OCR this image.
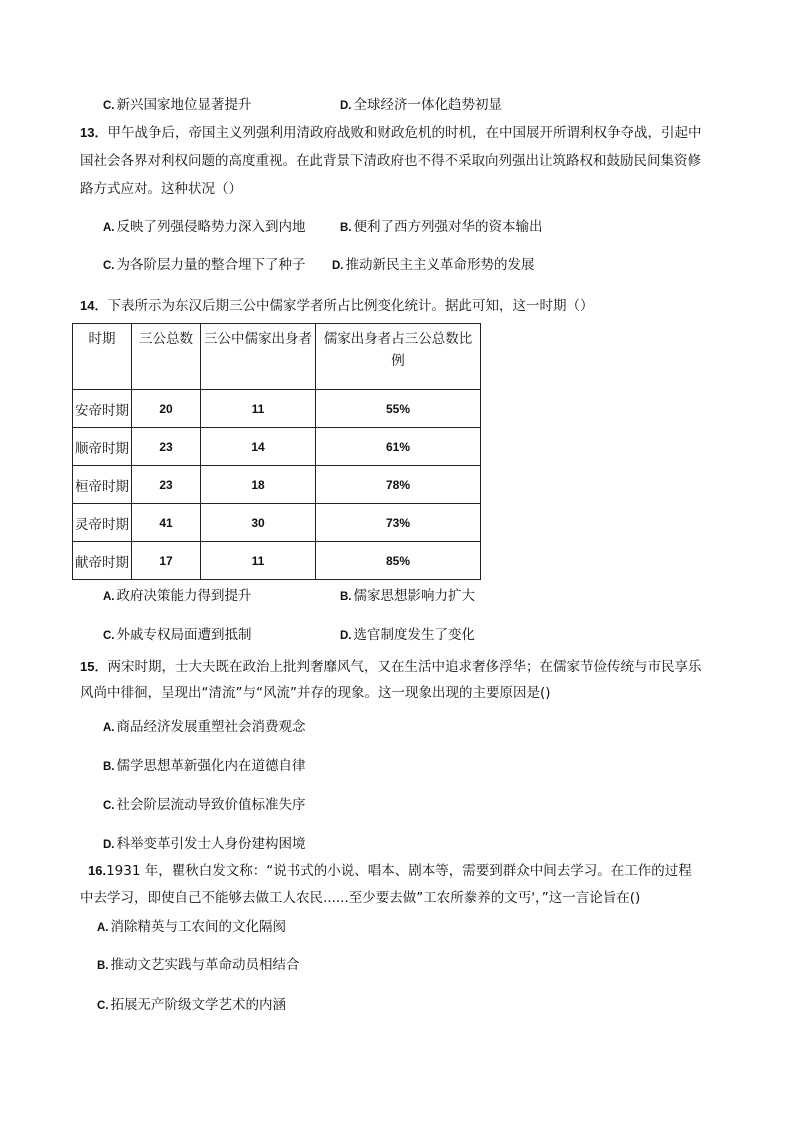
C. 新兴国家地位显著提升	D. 全球经济一体化趋势初显
13．甲午战争后，帝国主义列强利用清政府战败和财政危机的时机，在中国展开所谓利权争夺战，引起中
国社会各界对利权问题的高度重视。在此背景下清政府也不得不采取向列强出让筑路权和鼓励民间集资修
路方式应对。这种状况（）
A. 反映了列强侵略势力深入到内地	B. 便利了西方列强对华的资本输出
C. 为各阶层力量的整合埋下了种子 D. 推动新民主主义革命形势的发展
14．下表所示为东汉后期三公中儒家学者所占比例变化统计。据此可知，这一时期（）
时期	三公总数	三公中儒家出身者	儒家出身者占三公总数比例
安帝时期	20	11	55%
顺帝时期	23	14	61%
桓帝时期	23	18	78%
灵帝时期	41	30	73%
献帝时期	17	11	85%
A. 政府决策能力得到提升	B. 儒家思想影响力扩大
C. 外戚专权局面遭到抵制	D. 选官制度发生了变化
15．两宋时期，士大夫既在政治上批判奢靡风气，又在生活中追求奢侈浮华；在儒家节俭传统与市民享乐
风尚中徘徊，呈现出“清流”与“风流”并存的现象。这一现象出现的主要原因是()
A. 商品经济发展重塑社会消费观念
B. 儒学思想革新强化内在道德自律
C. 社会阶层流动导致价值标准失序
D. 科举变革引发士人身份建构困境
16.1931 年，瞿秋白发文称：“说书式的小说、唱本、剧本等，需要到群众中间去学习。在工作的过程
中去学习，即使自己不能够去做工人农民......至少要去做”工农所豢养的文丐'，”这一言论旨在()
A. 消除精英与工农间的文化隔阂
B. 推动文艺实践与革命动员相结合
C. 拓展无产阶级文学艺术的内涵
